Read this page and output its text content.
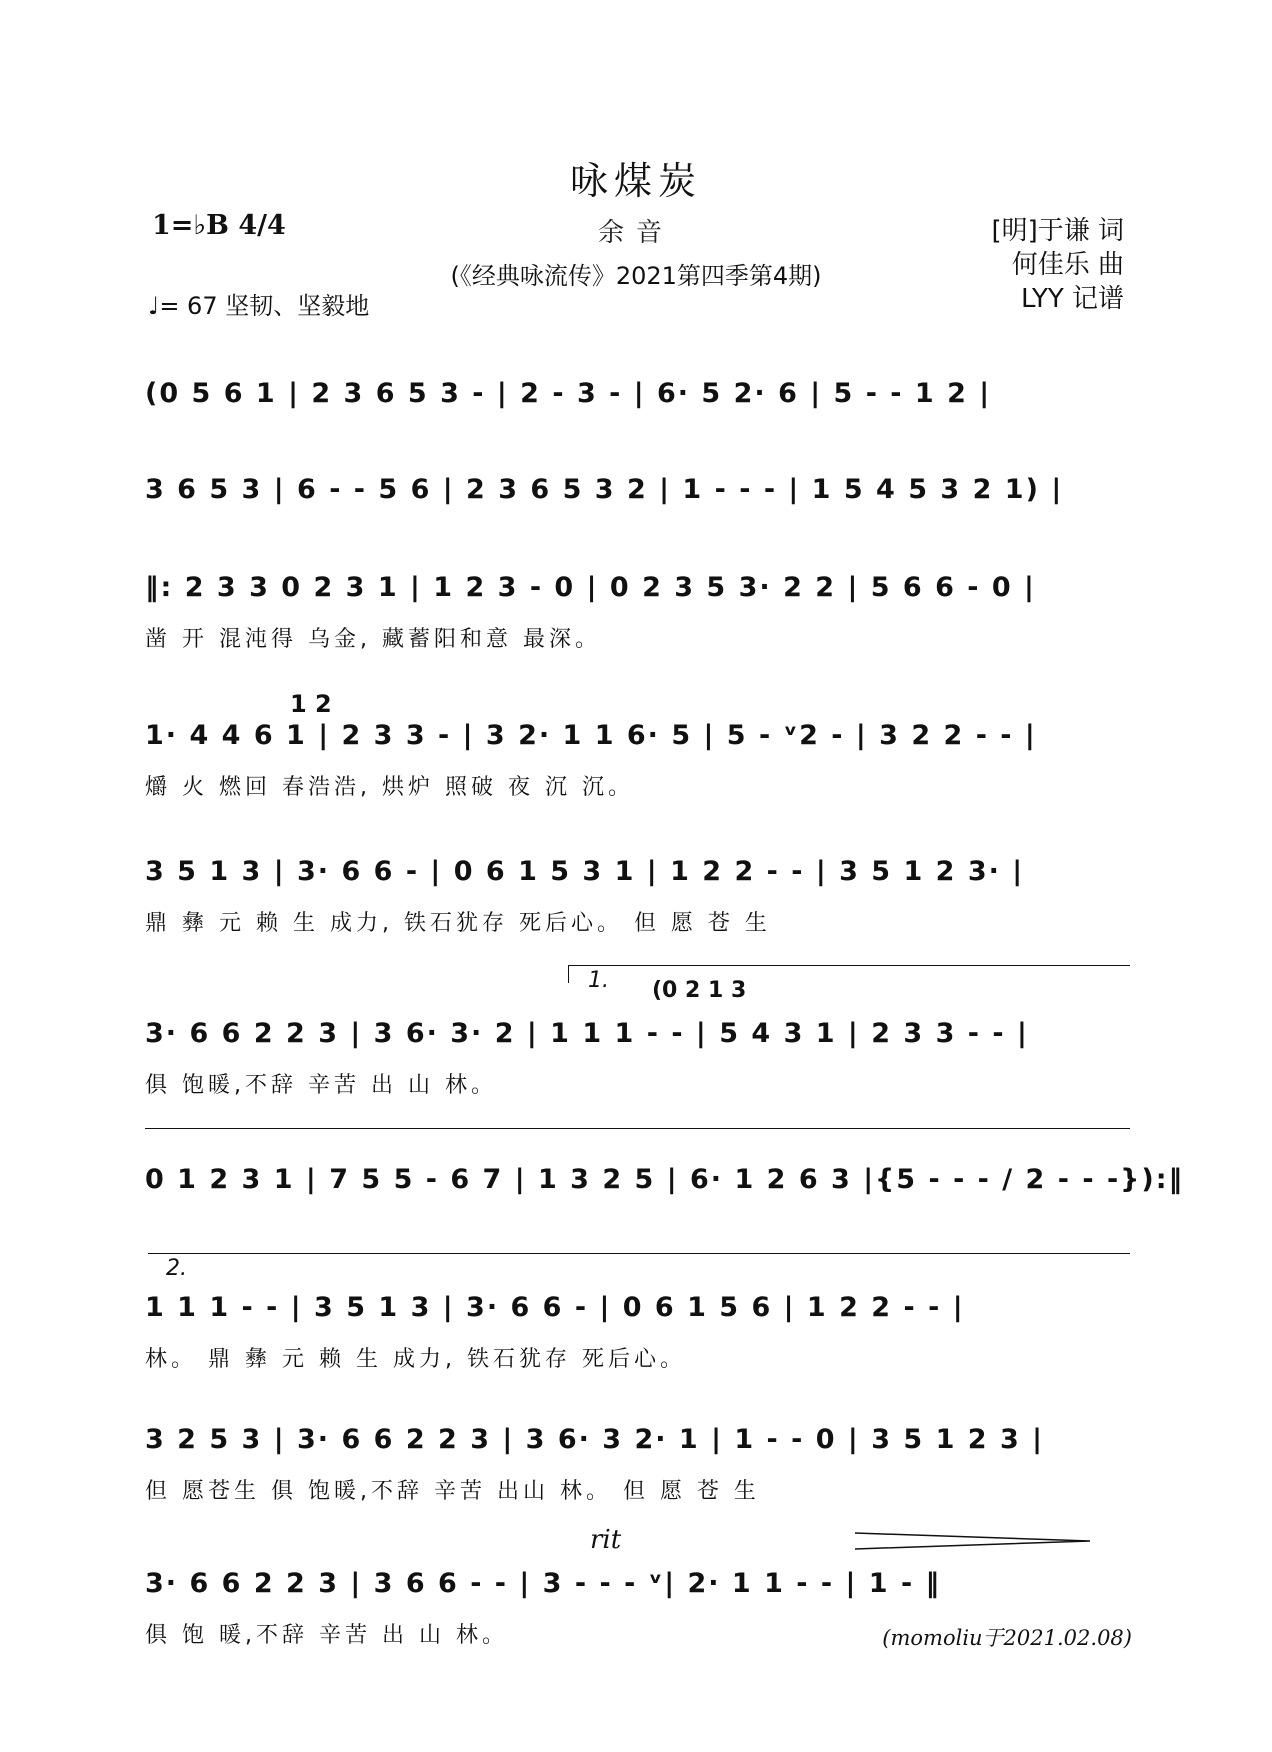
咏煤炭
1=♭B 4/4
♩= 67 坚韧、坚毅地
余音
(《经典咏流传》2021第四季第4期)
[明]于谦 词
何佳乐 曲
LYY 记谱
(0 5 6 1 | 2 3 6 5 3 - | 2 - 3 - | 6· 5 2· 6 | 5 - - 1 2 |
3 6 5 3 | 6 - - 5 6 | 2 3 6 5 3 2 | 1 - - - | 1 5 4 5 3 2 1) |
‖: 2 3 3 0 2 3 1 | 1 2 3 - 0 | 0 2 3 5 3· 2 2 | 5 6 6 - 0 |
凿 开 混沌得 乌金, 藏蓄阳和意 最深。
1 2
1· 4 4 6 1 | 2 3 3 - | 3 2· 1 1 6· 5 | 5 - ᵛ2 - | 3 2 2 - - |
爝 火 燃回 春浩浩, 烘炉 照破 夜 沉 沉。
3 5 1 3 | 3· 6 6 - | 0 6 1 5 3 1 | 1 2 2 - - | 3 5 1 2 3· |
鼎 彝 元 赖 生 成力, 铁石犹存 死后心。 但 愿 苍 生
1. (0 2 1 3
3· 6 6 2 2 3 | 3 6· 3· 2 | 1 1 1 - - | 5 4 3 1 | 2 3 3 - - |
俱 饱暖,不辞 辛苦 出 山 林。
0 1 2 3 1 | 7 5 5 - 6 7 | 1 3 2 5 | 6· 1 2 6 3 |{5 - - - / 2 - - -}):‖
2.
1 1 1 - - | 3 5 1 3 | 3· 6 6 - | 0 6 1 5 6 | 1 2 2 - - |
林。 鼎 彝 元 赖 生 成力, 铁石犹存 死后心。
3 2 5 3 | 3· 6 6 2 2 3 | 3 6· 3 2· 1 | 1 - - 0 | 3 5 1 2 3 |
但 愿苍生 俱 饱暖,不辞 辛苦 出山 林。 但 愿 苍 生
rit
3· 6 6 2 2 3 | 3 6 6 - - | 3 - - - ᵛ| 2· 1 1 - - | 1 - ‖
俱 饱 暖,不辞 辛苦 出 山 林。	(momoliu于2021.02.08)
